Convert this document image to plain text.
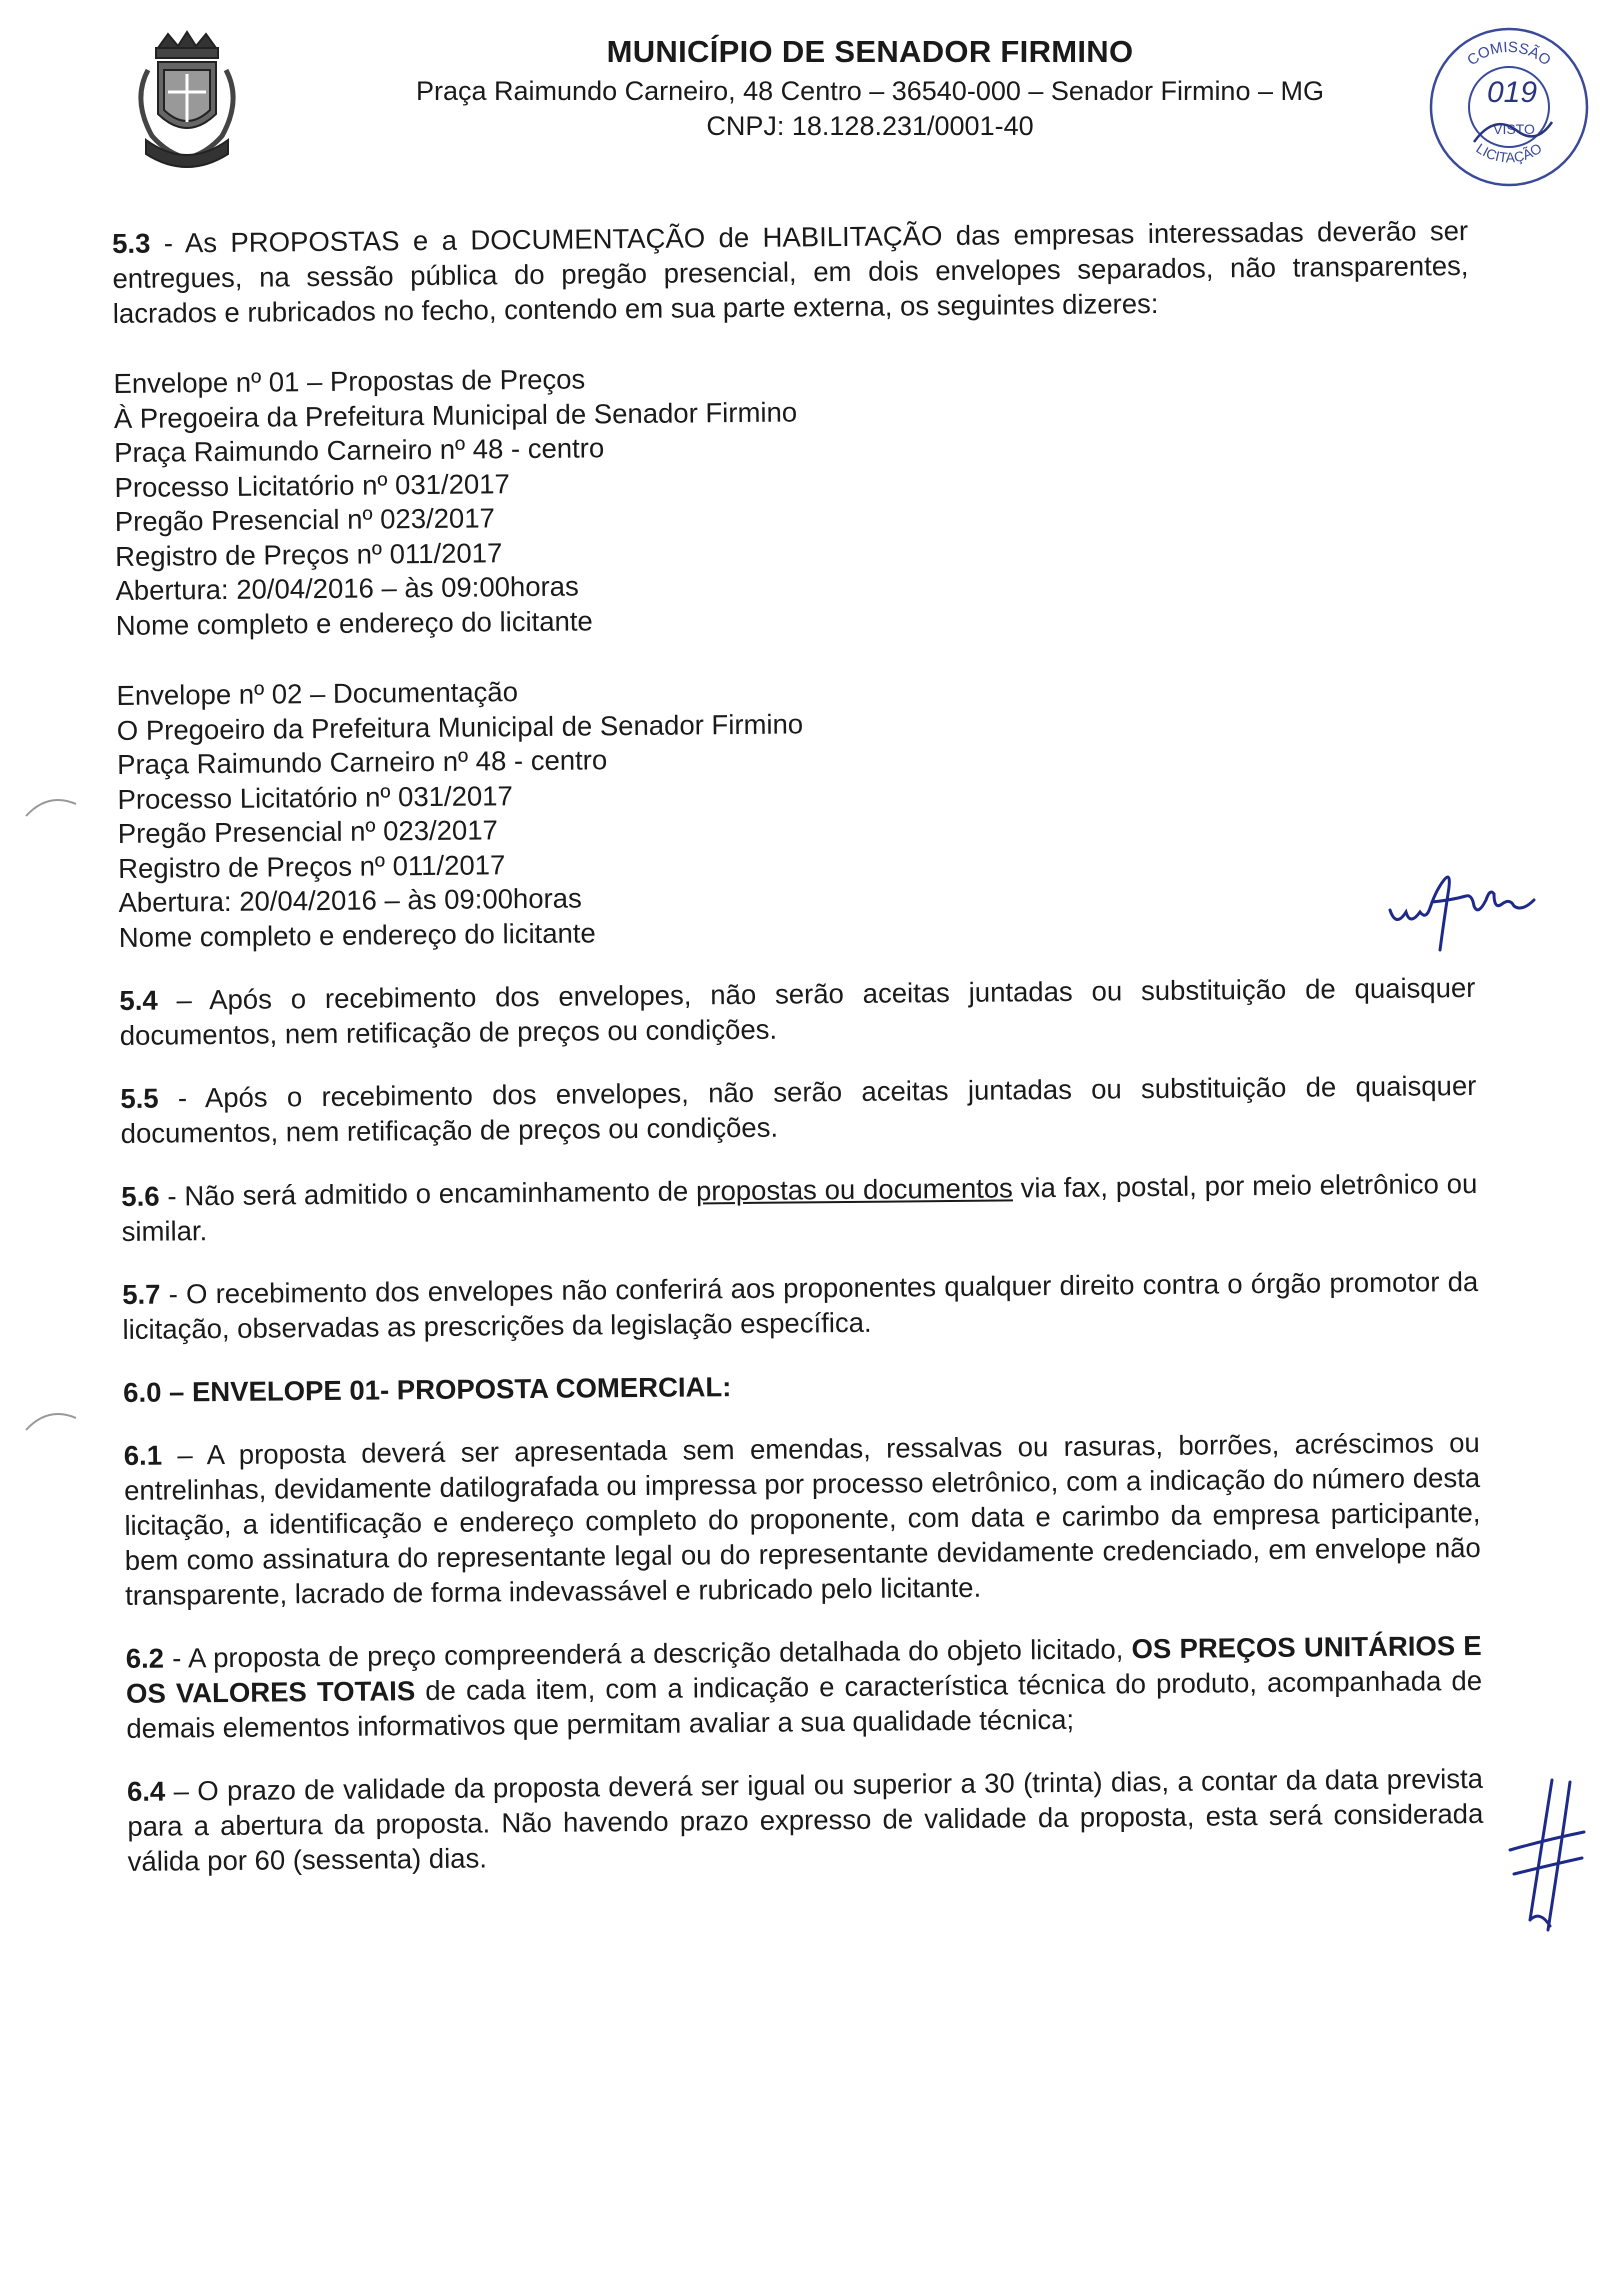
MUNICÍPIO DE SENADOR FIRMINO
Praça Raimundo Carneiro, 48 Centro – 36540-000 – Senador Firmino – MG
CNPJ: 18.128.231/0001-40
COMISSÃO
LICITAÇÃO
019
VISTO

5.3 - As PROPOSTAS e a DOCUMENTAÇÃO de HABILITAÇÃO das empresas interessadas deverão ser entregues, na sessão pública do pregão presencial, em dois envelopes separados, não transparentes, lacrados e rubricados no fecho, contendo em sua parte externa, os seguintes dizeres:

Envelope nº 01 – Propostas de Preços
À Pregoeira da Prefeitura Municipal de Senador Firmino
Praça Raimundo Carneiro nº 48 - centro
Processo Licitatório nº 031/2017
Pregão Presencial nº 023/2017
Registro de Preços nº 011/2017
Abertura: 20/04/2016 – às 09:00horas
Nome completo e endereço do licitante
Envelope nº 02 – Documentação
O Pregoeiro da Prefeitura Municipal de Senador Firmino
Praça Raimundo Carneiro nº 48 - centro
Processo Licitatório nº 031/2017
Pregão Presencial nº 023/2017
Registro de Preços nº 011/2017
Abertura: 20/04/2016 – às 09:00horas
Nome completo e endereço do licitante

5.4 – Após o recebimento dos envelopes, não serão aceitas juntadas ou substituição de quaisquer documentos, nem retificação de preços ou condições.

5.5 - Após o recebimento dos envelopes, não serão aceitas juntadas ou substituição de quaisquer documentos, nem retificação de preços ou condições.

5.6 - Não será admitido o encaminhamento de propostas ou documentos via fax, postal, por meio eletrônico ou similar.

5.7 - O recebimento dos envelopes não conferirá aos proponentes qualquer direito contra o órgão promotor da licitação, observadas as prescrições da legislação específica.

6.0 – ENVELOPE 01- PROPOSTA COMERCIAL:

6.1 – A proposta deverá ser apresentada sem emendas, ressalvas ou rasuras, borrões, acréscimos ou entrelinhas, devidamente datilografada ou impressa por processo eletrônico, com a indicação do número desta licitação, a identificação e endereço completo do proponente, com data e carimbo da empresa participante, bem como assinatura do representante legal ou do representante devidamente credenciado, em envelope não transparente, lacrado de forma indevassável e rubricado pelo licitante.

6.2 - A proposta de preço compreenderá a descrição detalhada do objeto licitado, OS PREÇOS UNITÁRIOS E OS VALORES TOTAIS de cada item, com a indicação e característica técnica do produto, acompanhada de demais elementos informativos que permitam avaliar a sua qualidade técnica;

6.4 – O prazo de validade da proposta deverá ser igual ou superior a 30 (trinta) dias, a contar da data prevista para a abertura da proposta. Não havendo prazo expresso de validade da proposta, esta será considerada válida por 60 (sessenta) dias.
